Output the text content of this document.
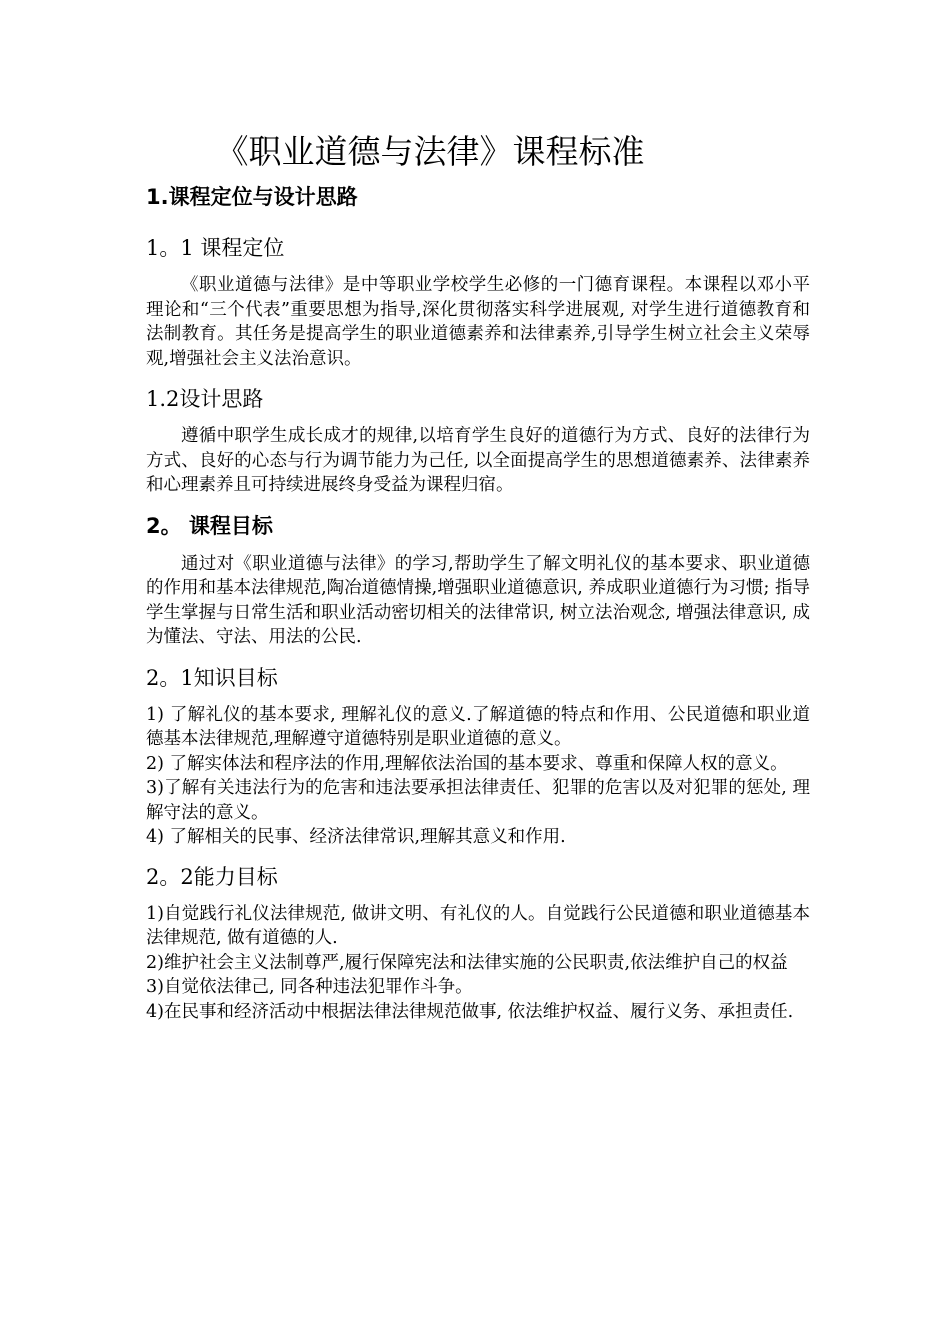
《职业道德与法律》课程标准
1.课程定位与设计思路
1。1 课程定位

《职业道德与法律》是中等职业学校学生必修的一门德育课程。本课程以邓小平理论和“三个代表”重要思想为指导,深化贯彻落实科学进展观, 对学生进行道德教育和法制教育。其任务是提高学生的职业道德素养和法律素养,引导学生树立社会主义荣辱观,增强社会主义法治意识。

1.2设计思路

遵循中职学生成长成才的规律,以培育学生良好的道德行为方式、良好的法律行为方式、良好的心态与行为调节能力为己任, 以全面提高学生的思想道德素养、法律素养和心理素养且可持续进展终身受益为课程归宿。

2。 课程目标

通过对《职业道德与法律》的学习,帮助学生了解文明礼仪的基本要求、职业道德的作用和基本法律规范,陶冶道德情操,增强职业道德意识, 养成职业道德行为习惯; 指导学生掌握与日常生活和职业活动密切相关的法律常识, 树立法治观念, 增强法律意识, 成为懂法、守法、用法的公民.

2。1知识目标

1) 了解礼仪的基本要求, 理解礼仪的意义.了解道德的特点和作用、公民道德和职业道德基本法律规范,理解遵守道德特别是职业道德的意义。

2) 了解实体法和程序法的作用,理解依法治国的基本要求、尊重和保障人权的意义。

3)了解有关违法行为的危害和违法要承担法律责任、犯罪的危害以及对犯罪的惩处, 理解守法的意义。

4) 了解相关的民事、经济法律常识,理解其意义和作用.

2。2能力目标

1)自觉践行礼仪法律规范, 做讲文明、有礼仪的人。自觉践行公民道德和职业道德基本法律规范, 做有道德的人.

2)维护社会主义法制尊严,履行保障宪法和法律实施的公民职责,依法维护自己的权益

3)自觉依法律己, 同各种违法犯罪作斗争。

4)在民事和经济活动中根据法律法律规范做事, 依法维护权益、履行义务、承担责任.
